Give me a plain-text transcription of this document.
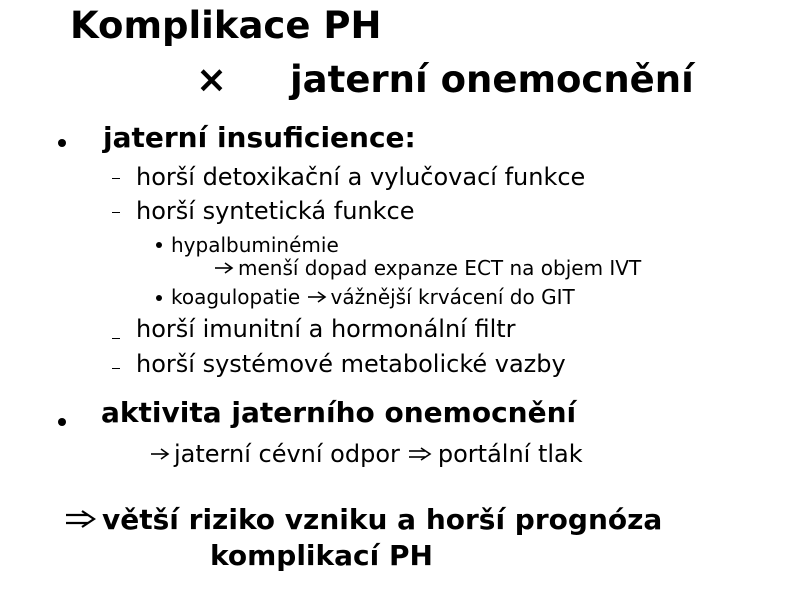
Komplikace PH
× jaterní onemocnění
jaterní insuficience:
horší detoxikační a vylučovací funkce
horší syntetická funkce
hypalbuminémie
menší dopad expanze ECT na objem IVT
koagulopatie vážnější krvácení do GIT
horší imunitní a hormonální filtr
horší systémové metabolické vazby
aktivita jaterního onemocnění
jaterní cévní odpor portální tlak
větší riziko vzniku a horší prognóza
komplikací PH
